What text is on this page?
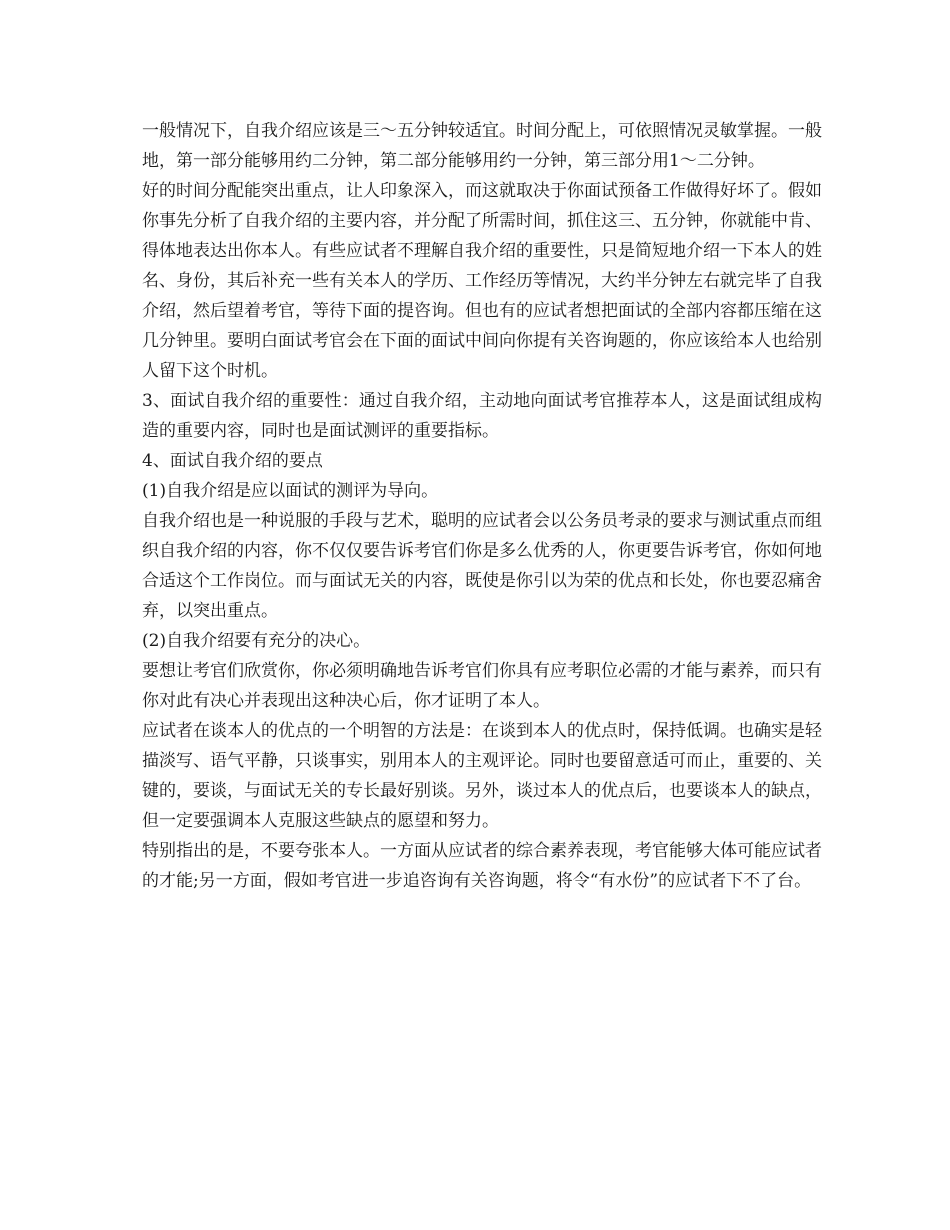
一般情况下，自我介绍应该是三～五分钟较适宜。时间分配上，可依照情况灵敏掌握。一般地，第一部分能够用约二分钟，第二部分能够用约一分钟，第三部分用1～二分钟。

好的时间分配能突出重点，让人印象深入，而这就取决于你面试预备工作做得好坏了。假如你事先分析了自我介绍的主要内容，并分配了所需时间，抓住这三、五分钟，你就能中肯、得体地表达出你本人。有些应试者不理解自我介绍的重要性，只是简短地介绍一下本人的姓名、身份，其后补充一些有关本人的学历、工作经历等情况，大约半分钟左右就完毕了自我介绍，然后望着考官，等待下面的提咨询。但也有的应试者想把面试的全部内容都压缩在这几分钟里。要明白面试考官会在下面的面试中间向你提有关咨询题的，你应该给本人也给别人留下这个时机。

3、面试自我介绍的重要性：通过自我介绍，主动地向面试考官推荐本人，这是面试组成构造的重要内容，同时也是面试测评的重要指标。

4、面试自我介绍的要点

(1)自我介绍是应以面试的测评为导向。

自我介绍也是一种说服的手段与艺术，聪明的应试者会以公务员考录的要求与测试重点而组织自我介绍的内容，你不仅仅要告诉考官们你是多么优秀的人，你更要告诉考官，你如何地合适这个工作岗位。而与面试无关的内容，既使是你引以为荣的优点和长处，你也要忍痛舍弃，以突出重点。

(2)自我介绍要有充分的决心。

要想让考官们欣赏你，你必须明确地告诉考官们你具有应考职位必需的才能与素养，而只有你对此有决心并表现出这种决心后，你才证明了本人。

应试者在谈本人的优点的一个明智的方法是：在谈到本人的优点时，保持低调。也确实是轻描淡写、语气平静，只谈事实，别用本人的主观评论。同时也要留意适可而止，重要的、关键的，要谈，与面试无关的专长最好别谈。另外，谈过本人的优点后，也要谈本人的缺点，但一定要强调本人克服这些缺点的愿望和努力。

特别指出的是，不要夸张本人。一方面从应试者的综合素养表现，考官能够大体可能应试者的才能;另一方面，假如考官进一步追咨询有关咨询题，将令“有水份”的应试者下不了台。
